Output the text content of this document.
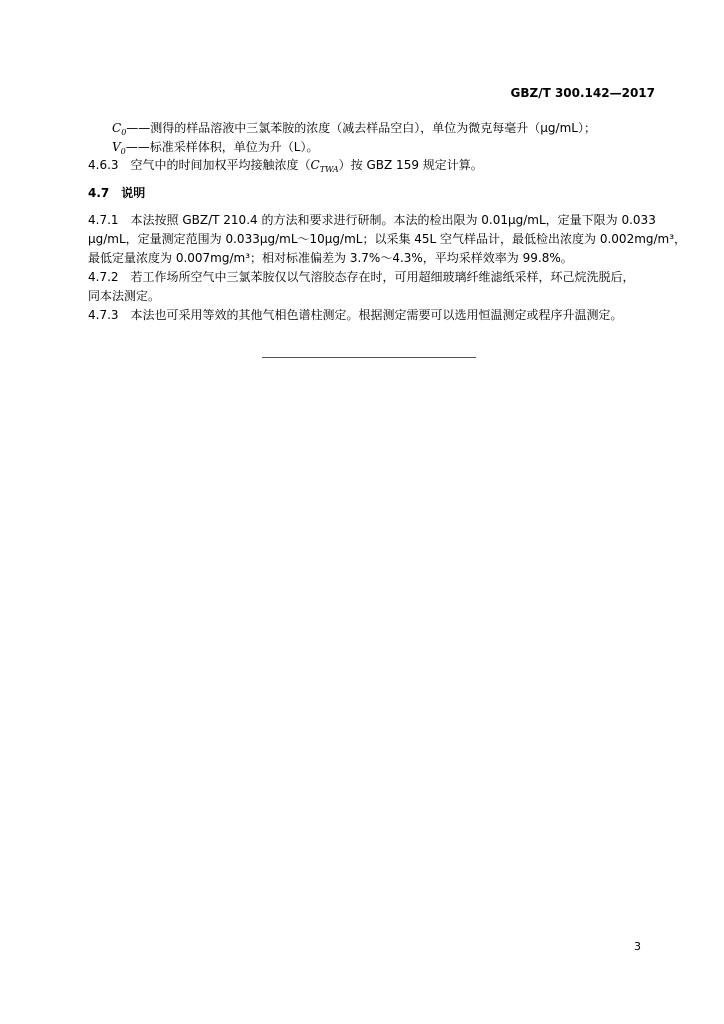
GBZ/T 300.142—2017
$C_0——$测得的样品溶液中三氯苯胺的浓度（减去样品空白），单位为微克每毫升（μg/mL）；
$V_0——$标准采样体积，单位为升（L）。
4.6.3　空气中的时间加权平均接触浓度$(C_{TWA})$按 GBZ 159 规定计算。
4.7　说明
4.7.1　本法按照 GBZ/T 210.4 的方法和要求进行研制。本法的检出限为 0.01μg/mL，定量下限为 0.033
μg/mL，定量测定范围为 0.033μg/mL～10μg/mL；以采集 45L 空气样品计，最低检出浓度为 0.002mg/m³，
最低定量浓度为 0.007mg/m³；相对标准偏差为 3.7%～4.3%，平均采样效率为 99.8%。
4.7.2　若工作场所空气中三氯苯胺仅以气溶胶态存在时，可用超细玻璃纤维滤纸采样，环己烷洗脱后，
同本法测定。
4.7.3　本法也可采用等效的其他气相色谱柱测定。根据测定需要可以选用恒温测定或程序升温测定。
3
